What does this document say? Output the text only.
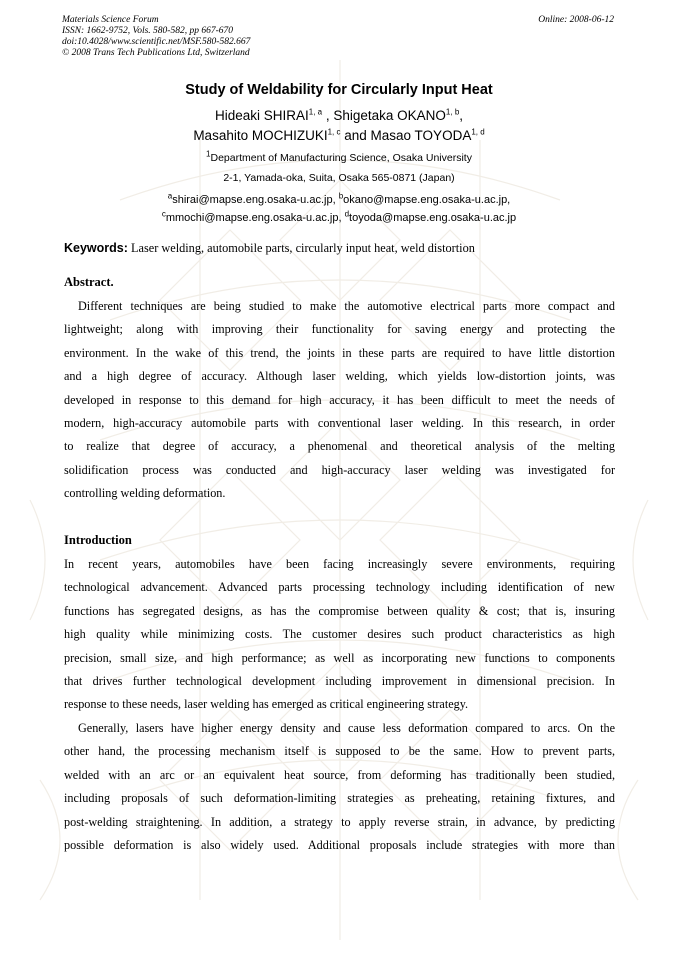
Materials Science Forum
ISSN: 1662-9752, Vols. 580-582, pp 667-670
doi:10.4028/www.scientific.net/MSF.580-582.667
© 2008 Trans Tech Publications Ltd, Switzerland
Online: 2008-06-12
Study of Weldability for Circularly Input Heat
Hideaki SHIRAI$^{1, a}$ , Shigetaka OKANO$^{1, b}$,
Masahito MOCHIZUKI$^{1, c}$ and Masao TOYODA$^{1, d}$
$^1$Department of Manufacturing Science, Osaka University
2-1, Yamada-oka, Suita, Osaka 565-0871 (Japan)
$^a$shirai@mapse.eng.osaka-u.ac.jp, $^b$okano@mapse.eng.osaka-u.ac.jp,
$^c$mmochi@mapse.eng.osaka-u.ac.jp, $^d$toyoda@mapse.eng.osaka-u.ac.jp
Keywords: Laser welding, automobile parts, circularly input heat, weld distortion
Abstract.
Different techniques are being studied to make the automotive electrical parts more compact and
lightweight; along with improving their functionality for saving energy and protecting the
environment. In the wake of this trend, the joints in these parts are required to have little distortion
and a high degree of accuracy. Although laser welding, which yields low-distortion joints, was
developed in response to this demand for high accuracy, it has been difficult to meet the needs of
modern, high-accuracy automobile parts with conventional laser welding. In this research, in order
to realize that degree of accuracy, a phenomenal and theoretical analysis of the melting
solidification process was conducted and high-accuracy laser welding was investigated for
controlling welding deformation.
Introduction
In recent years, automobiles have been facing increasingly severe environments, requiring
technological advancement. Advanced parts processing technology including identification of new
functions has segregated designs, as has the compromise between quality & cost; that is, insuring
high quality while minimizing costs. The customer desires such product characteristics as high
precision, small size, and high performance; as well as incorporating new functions to components
that drives further technological development including improvement in dimensional precision. In
response to these needs, laser welding has emerged as critical engineering strategy.
Generally, lasers have higher energy density and cause less deformation compared to arcs. On the
other hand, the processing mechanism itself is supposed to be the same. How to prevent parts,
welded with an arc or an equivalent heat source, from deforming has traditionally been studied,
including proposals of such deformation-limiting strategies as preheating, retaining fixtures, and
post-welding straightening. In addition, a strategy to apply reverse strain, in advance, by predicting
possible deformation is also widely used. Additional proposals include strategies with more than
